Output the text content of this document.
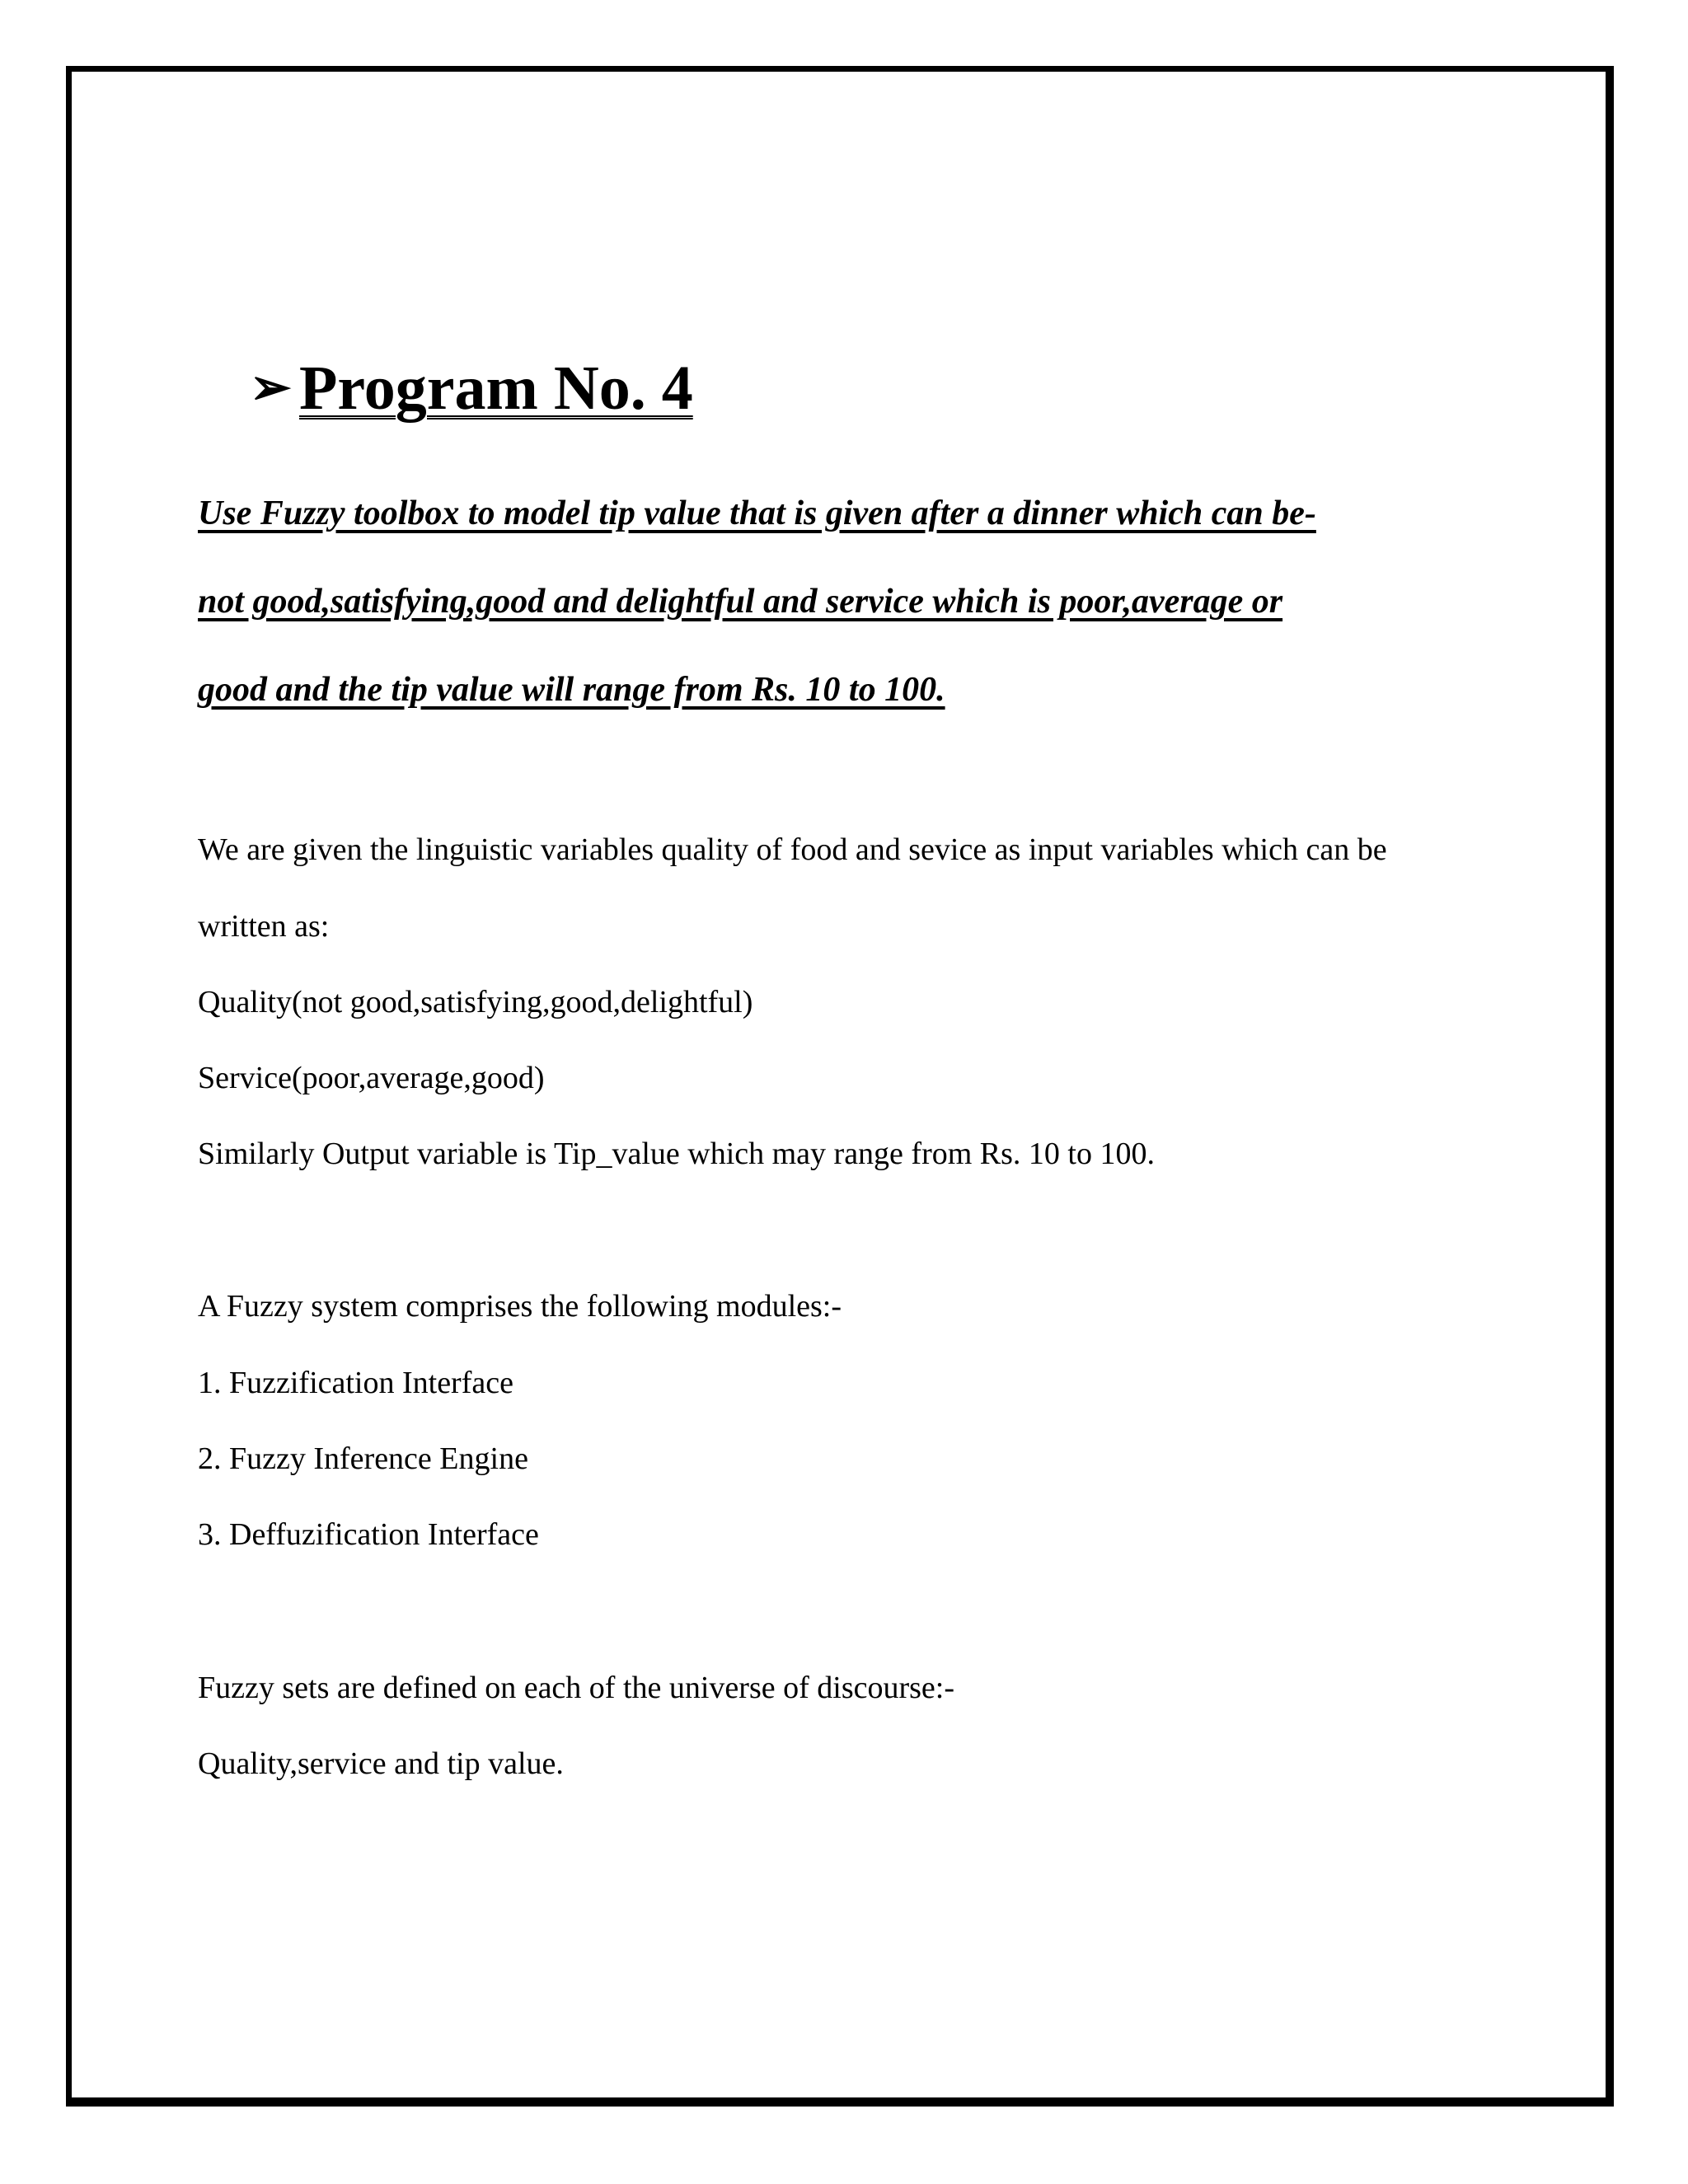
➢ Program No. 4
Use Fuzzy toolbox to model tip value that is given after a dinner which can be-
not good,satisfying,good and delightful and service which is poor,average or
good and the tip value will range from Rs. 10 to 100.
We are given the linguistic variables quality of food and sevice as input variables which can be
written as:
Quality(not good,satisfying,good,delightful)
Service(poor,average,good)
Similarly Output variable is Tip_value which may range from Rs. 10 to 100.
A Fuzzy system comprises the following modules:-
1. Fuzzification Interface
2. Fuzzy Inference Engine
3. Deffuzification Interface
Fuzzy sets are defined on each of the universe of discourse:-
Quality,service and tip value.
